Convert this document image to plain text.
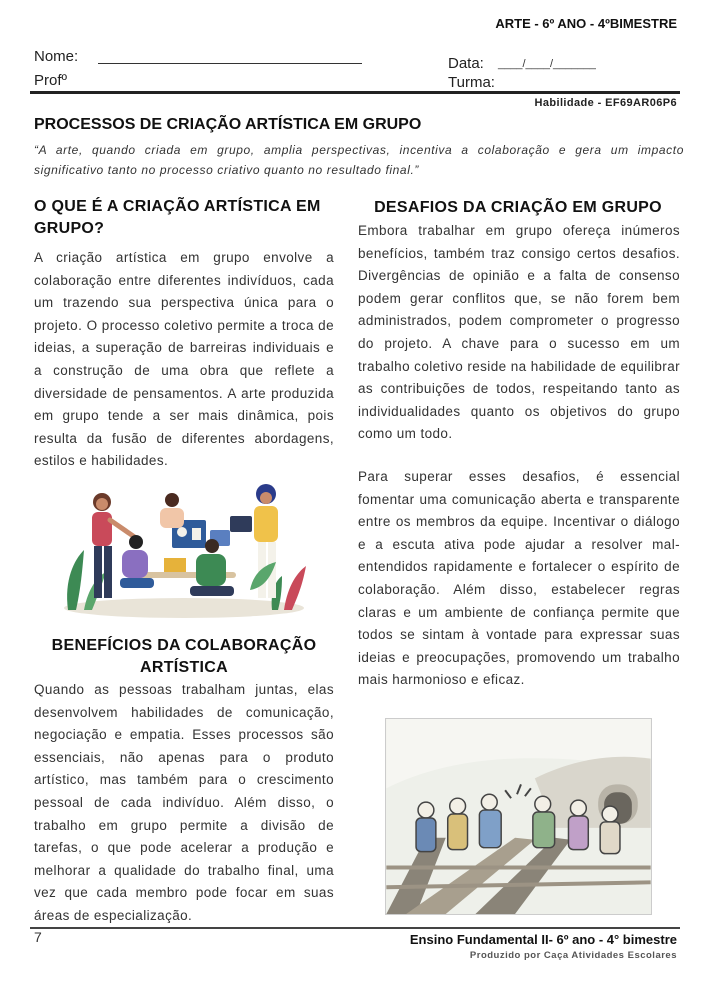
ARTE - 6º ANO - 4ºBIMESTRE
Nome:
Profº
Data: ____/____/_______
Turma:
Habilidade - EF69AR06P6
PROCESSOS DE CRIAÇÃO ARTÍSTICA EM GRUPO
“A arte, quando criada em grupo, amplia perspectivas, incentiva a colaboração e gera um impacto significativo tanto no processo criativo quanto no resultado final.”
O QUE É A CRIAÇÃO ARTÍSTICA EM GRUPO?
A criação artística em grupo envolve a colaboração entre diferentes indivíduos, cada um trazendo sua perspectiva única para o projeto. O processo coletivo permite a troca de ideias, a superação de barreiras individuais e a construção de uma obra que reflete a diversidade de pensamentos. A arte produzida em grupo tende a ser mais dinâmica, pois resulta da fusão de diferentes abordagens, estilos e habilidades.
BENEFÍCIOS DA COLABORAÇÃO ARTÍSTICA
Quando as pessoas trabalham juntas, elas desenvolvem habilidades de comunicação, negociação e empatia. Esses processos são essenciais, não apenas para o produto artístico, mas também para o crescimento pessoal de cada indivíduo. Além disso, o trabalho em grupo permite a divisão de tarefas, o que pode acelerar a produção e melhorar a qualidade do trabalho final, uma vez que cada membro pode focar em suas áreas de especialização.
DESAFIOS DA CRIAÇÃO EM GRUPO
Embora trabalhar em grupo ofereça inúmeros benefícios, também traz consigo certos desafios. Divergências de opinião e a falta de consenso podem gerar conflitos que, se não forem bem administrados, podem comprometer o progresso do projeto. A chave para o sucesso em um trabalho coletivo reside na habilidade de equilibrar as contribuições de todos, respeitando tanto as individualidades quanto os objetivos do grupo como um todo.
Para superar esses desafios, é essencial fomentar uma comunicação aberta e transparente entre os membros da equipe. Incentivar o diálogo e a escuta ativa pode ajudar a resolver mal-entendidos rapidamente e fortalecer o espírito de colaboração. Além disso, estabelecer regras claras e um ambiente de confiança permite que todos se sintam à vontade para expressar suas ideias e preocupações, promovendo um trabalho mais harmonioso e eficaz.
7	Ensino Fundamental II- 6º ano - 4° bimestre
Produzido por Caça Atividades Escolares
